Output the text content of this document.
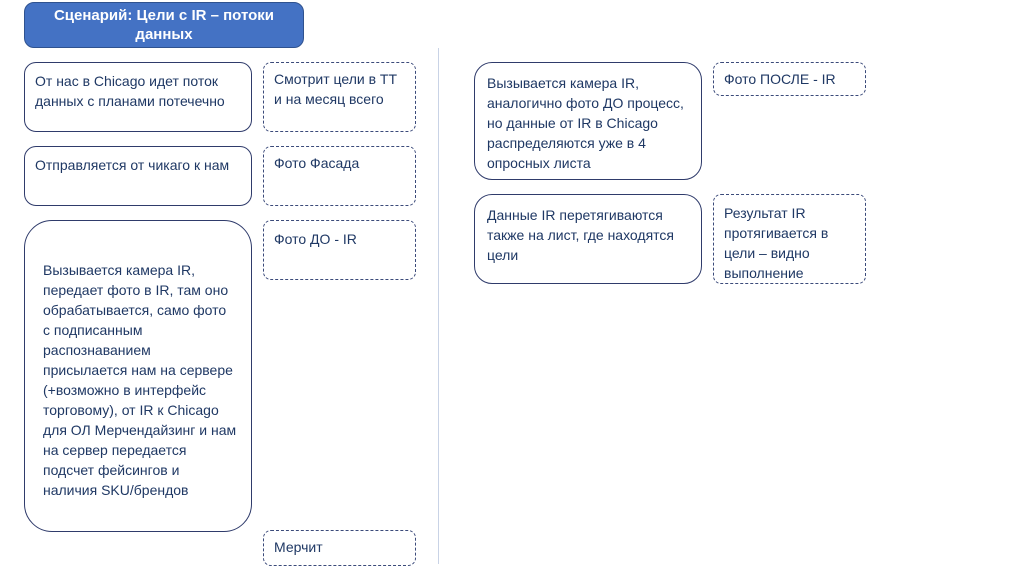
Сценарий: Цели с IR – потоки данных
От нас в Chicago идет поток данных с планами потечечно
Отправляется от чикаго к нам
Вызывается камера IR, передает фото в IR, там оно обрабатывается, само фото с подписанным распознаванием присылается нам на сервере (+возможно в интерфейс торговому), от IR к Chicago для ОЛ Мерчендайзинг и нам на сервер передается подсчет фейсингов и наличия SKU/брендов
Смотрит цели в ТТ и на месяц всего
Фото Фасада
Фото ДО - IR
Мерчит
Вызывается камера IR, аналогично фото ДО процесс, но данные от IR в Chicago распределяются уже в 4 опросных листа
Данные IR перетягиваются также на лист, где находятся цели
Фото ПОСЛЕ - IR
Результат IR протягивается в цели – видно выполнение
